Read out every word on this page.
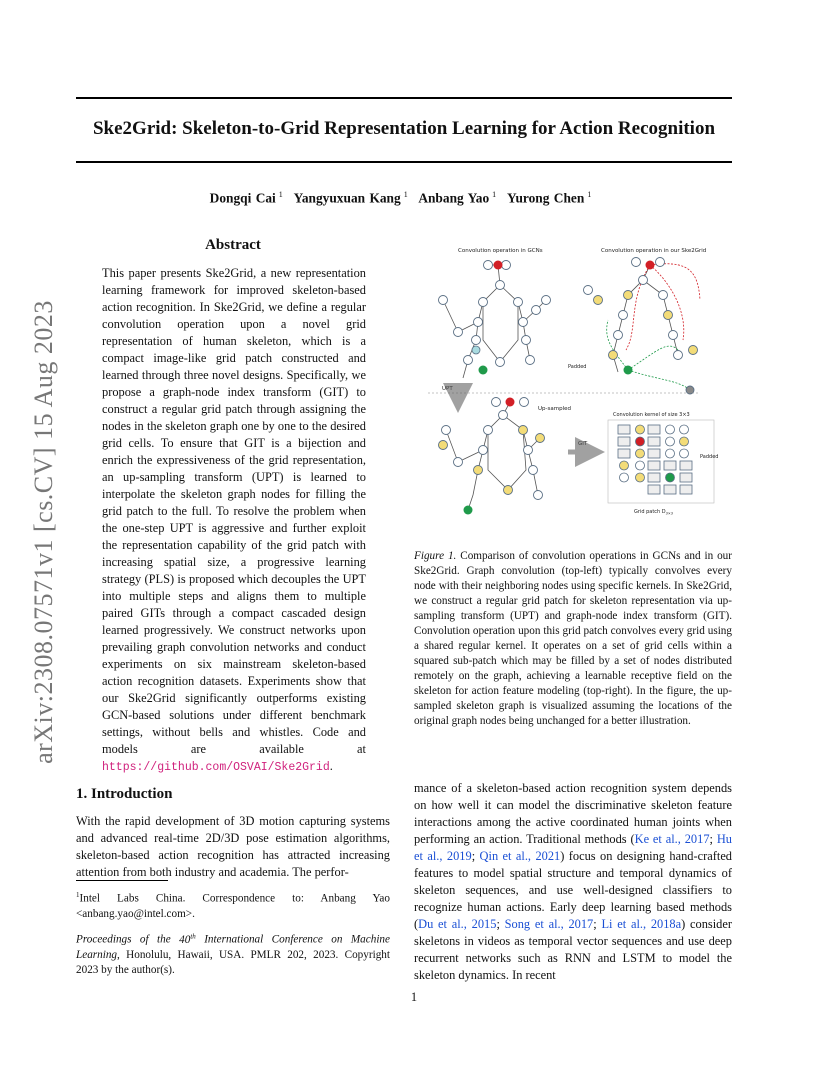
Ske2Grid: Skeleton-to-Grid Representation Learning for Action Recognition
Dongqi Cai $^1$ Yangyuxuan Kang $^1$ Anbang Yao $^1$ Yurong Chen $^1$
arXiv:2308.07571v1 [cs.CV] 15 Aug 2023
Abstract
This paper presents Ske2Grid, a new representation learning framework for improved skeleton-based action recognition. In Ske2Grid, we define a regular convolution operation upon a novel grid representation of human skeleton, which is a compact image-like grid patch constructed and learned through three novel designs. Specifically, we propose a graph-node index transform (GIT) to construct a regular grid patch through assigning the nodes in the skeleton graph one by one to the desired grid cells. To ensure that GIT is a bijection and enrich the expressiveness of the grid representation, an up-sampling transform (UPT) is learned to interpolate the skeleton graph nodes for filling the grid patch to the full. To resolve the problem when the one-step UPT is aggressive and further exploit the representation capability of the grid patch with increasing spatial size, a progressive learning strategy (PLS) is proposed which decouples the UPT into multiple steps and aligns them to multiple paired GITs through a compact cascaded design learned progressively. We construct networks upon prevailing graph convolution networks and conduct experiments on six mainstream skeleton-based action recognition datasets. Experiments show that our Ske2Grid significantly outperforms existing GCN-based solutions under different benchmark settings, without bells and whistles. Code and models are available at https://github.com/OSVAI/Ske2Grid.
Convolution operation in GCNs	Convolution operation in our Ske2Grid
Padded
UPT
Up-sampled
GIT
Convolution kernel of size 3×3
Padded
Grid patch $D_{3\times 3}$
Figure 1. Comparison of convolution operations in GCNs and in our Ske2Grid. Graph convolution (top-left) typically convolves every node with their neighboring nodes using specific kernels. In Ske2Grid, we construct a regular grid patch for skeleton representation via up-sampling transform (UPT) and graph-node index transform (GIT). Convolution operation upon this grid patch convolves every grid using a shared regular kernel. It operates on a set of grid cells within a squared sub-patch which may be filled by a set of nodes distributed remotely on the graph, achieving a learnable receptive field on the skeleton for action feature modeling (top-right). In the figure, the up-sampled skeleton graph is visualized assuming the locations of the original graph nodes being unchanged for a better illustration.
1. Introduction
With the rapid development of 3D motion capturing systems and advanced real-time 2D/3D pose estimation algorithms, skeleton-based action recognition has attracted increasing attention from both industry and academia. The perfor-
$^1$Intel Labs China. Correspondence to: Anbang Yao <anbang.yao@intel.com>.
Proceedings of the 40th International Conference on Machine Learning, Honolulu, Hawaii, USA. PMLR 202, 2023. Copyright 2023 by the author(s).
mance of a skeleton-based action recognition system depends on how well it can model the discriminative skeleton feature interactions among the active coordinated human joints when performing an action. Traditional methods (Ke et al., 2017; Hu et al., 2019; Qin et al., 2021) focus on designing hand-crafted features to model spatial structure and temporal dynamics of skeleton sequences, and use well-designed classifiers to recognize human actions. Early deep learning based methods (Du et al., 2015; Song et al., 2017; Li et al., 2018a) consider skeletons in videos as temporal vector sequences and use deep recurrent networks such as RNN and LSTM to model the skeleton dynamics. In recent
1
